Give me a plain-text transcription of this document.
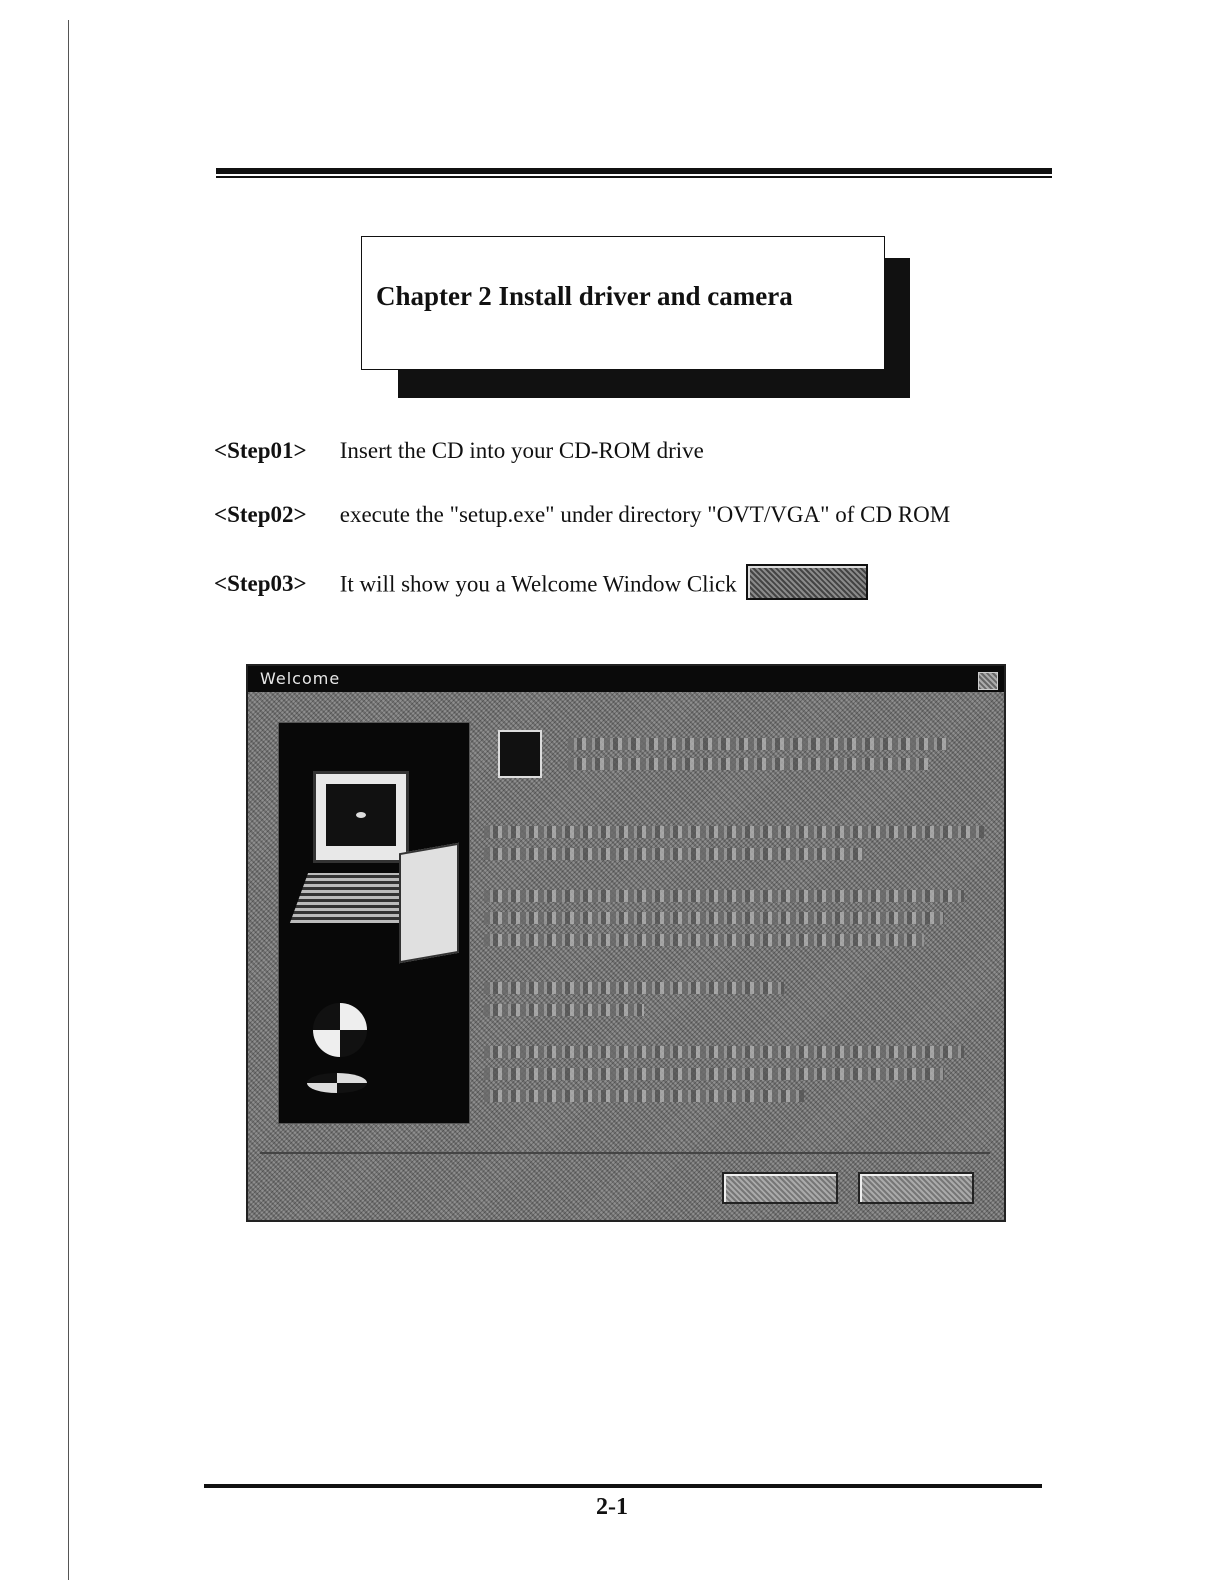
Chapter 2 Install driver and camera
<Step01> Insert the CD into your CD-ROM drive
<Step02> execute the "setup.exe" under directory "OVT/VGA" of CD ROM
<Step03> It will show you a Welcome Window Click
Welcome
2-1
